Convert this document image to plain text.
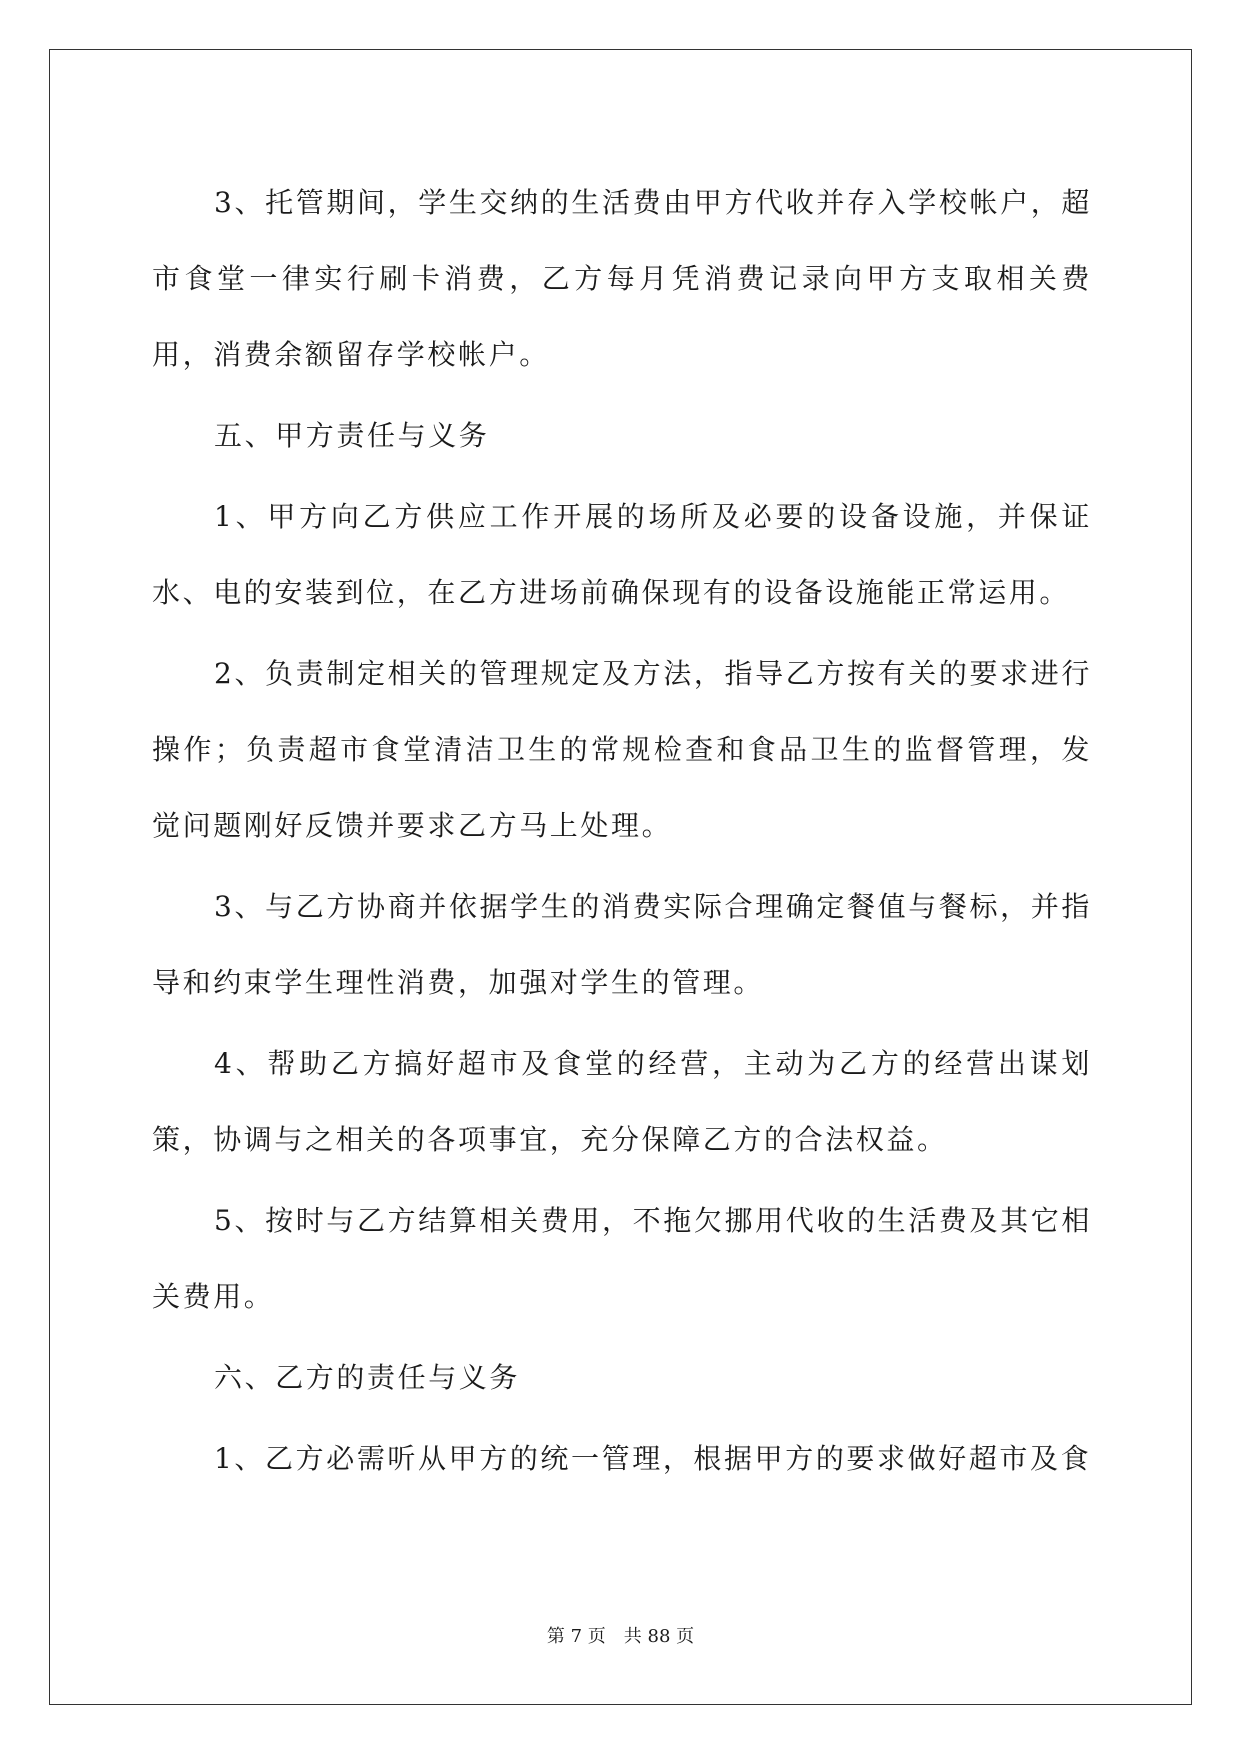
3、托管期间，学生交纳的生活费由甲方代收并存入学校帐户，超市食堂一律实行刷卡消费，乙方每月凭消费记录向甲方支取相关费用，消费余额留存学校帐户。

五、甲方责任与义务

1、甲方向乙方供应工作开展的场所及必要的设备设施，并保证水、电的安装到位，在乙方进场前确保现有的设备设施能正常运用。

2、负责制定相关的管理规定及方法，指导乙方按有关的要求进行操作；负责超市食堂清洁卫生的常规检查和食品卫生的监督管理，发觉问题刚好反馈并要求乙方马上处理。

3、与乙方协商并依据学生的消费实际合理确定餐值与餐标，并指导和约束学生理性消费，加强对学生的管理。

4、帮助乙方搞好超市及食堂的经营，主动为乙方的经营出谋划策，协调与之相关的各项事宜，充分保障乙方的合法权益。

5、按时与乙方结算相关费用，不拖欠挪用代收的生活费及其它相关费用。

六、乙方的责任与义务

1、乙方必需听从甲方的统一管理，根据甲方的要求做好超市及食

第 7 页　共 88 页
